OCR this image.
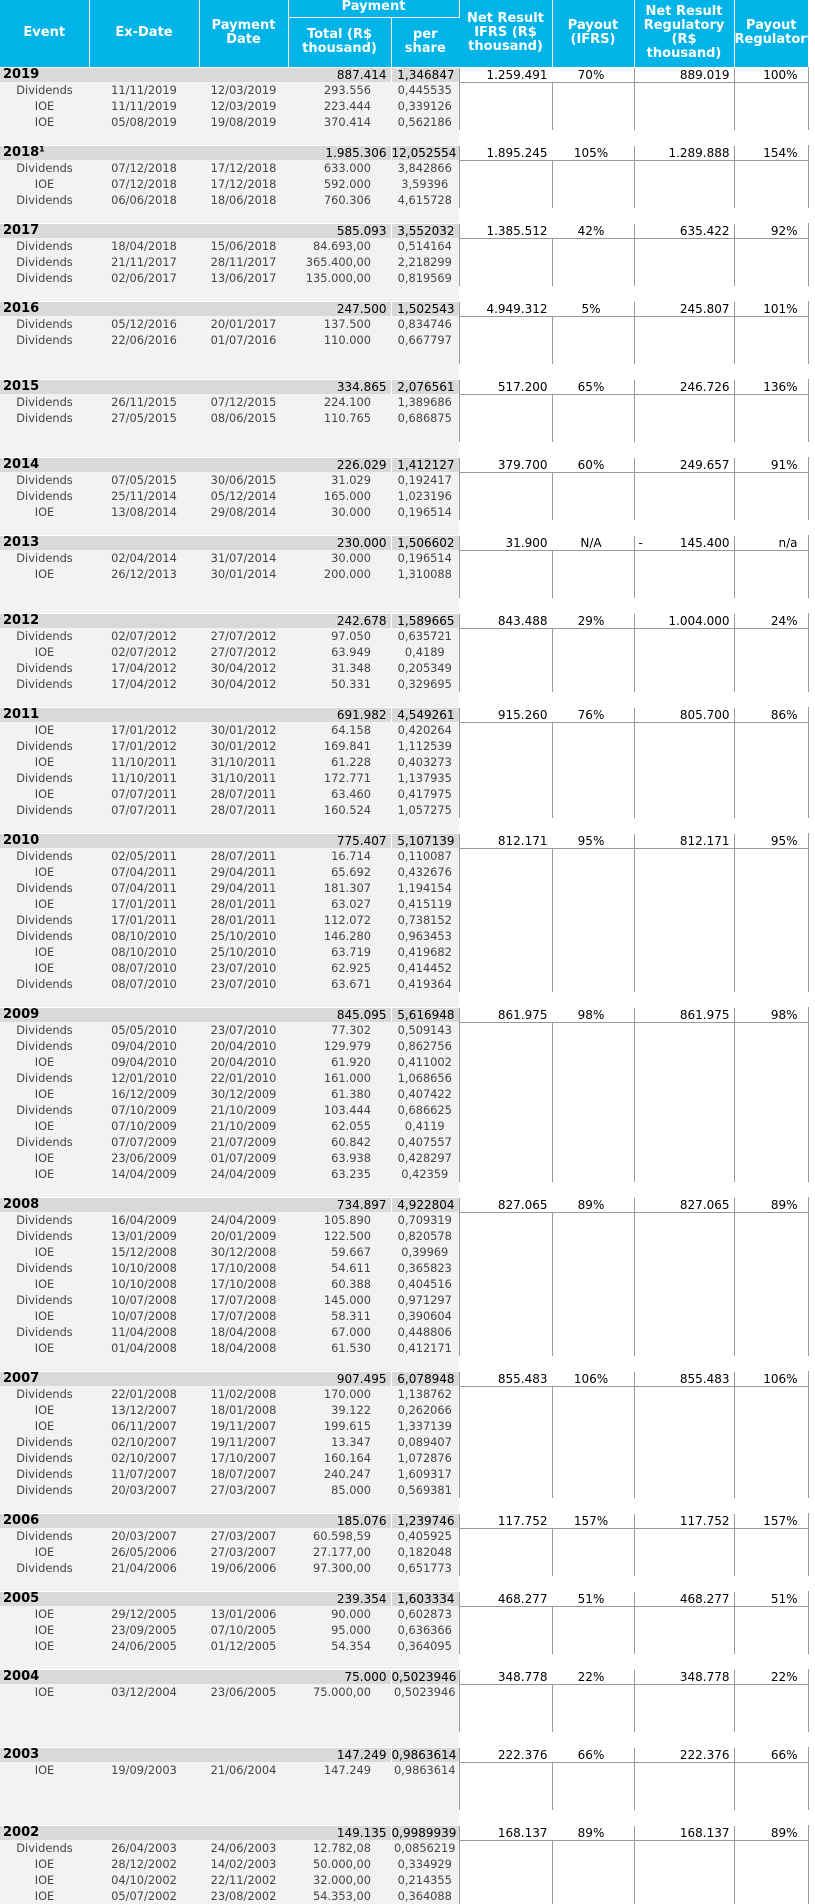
Event	Ex-Date	Payment Date	Payment		Net Result IFRS (R$ thousand)	Payout (IFRS)	Net Result Regulatory (R$ thousand)	Payout Regulatory
			Total (R$ thousand)	per share				
2019			887.414	1,346847	1.259.491	70%	889.019	100%
Dividends	11/11/2019	12/03/2019	293.556	0,445535				
IOE	11/11/2019	12/03/2019	223.444	0,339126				
IOE	05/08/2019	19/08/2019	370.414	0,562186				

2018¹			1.985.306	12,052554	1.895.245	105%	1.289.888	154%
Dividends	07/12/2018	17/12/2018	633.000	3,842866				
IOE	07/12/2018	17/12/2018	592.000	3,59396				
Dividends	06/06/2018	18/06/2018	760.306	4,615728				

2017			585.093	3,552032	1.385.512	42%	635.422	92%
Dividends	18/04/2018	15/06/2018	84.693,00	0,514164				
Dividends	21/11/2017	28/11/2017	365.400,00	2,218299				
Dividends	02/06/2017	13/06/2017	135.000,00	0,819569				

2016			247.500	1,502543	4.949.312	5%	245.807	101%
Dividends	05/12/2016	20/01/2017	137.500	0,834746				
Dividends	22/06/2016	01/07/2016	110.000	0,667797				

2015			334.865	2,076561	517.200	65%	246.726	136%
Dividends	26/11/2015	07/12/2015	224.100	1,389686				
Dividends	27/05/2015	08/06/2015	110.765	0,686875				

2014			226.029	1,412127	379.700	60%	249.657	91%
Dividends	07/05/2015	30/06/2015	31.029	0,192417				
Dividends	25/11/2014	05/12/2014	165.000	1,023196				
IOE	13/08/2014	29/08/2014	30.000	0,196514				

2013			230.000	1,506602	31.900	N/A	- 145.400	n/a
Dividends	02/04/2014	31/07/2014	30.000	0,196514				
IOE	26/12/2013	30/01/2014	200.000	1,310088				

2012			242.678	1,589665	843.488	29%	1.004.000	24%
Dividends	02/07/2012	27/07/2012	97.050	0,635721				
IOE	02/07/2012	27/07/2012	63.949	0,4189				
Dividends	17/04/2012	30/04/2012	31.348	0,205349				
Dividends	17/04/2012	30/04/2012	50.331	0,329695				

2011			691.982	4,549261	915.260	76%	805.700	86%
IOE	17/01/2012	30/01/2012	64.158	0,420264				
Dividends	17/01/2012	30/01/2012	169.841	1,112539				
IOE	11/10/2011	31/10/2011	61.228	0,403273				
Dividends	11/10/2011	31/10/2011	172.771	1,137935				
IOE	07/07/2011	28/07/2011	63.460	0,417975				
Dividends	07/07/2011	28/07/2011	160.524	1,057275				

2010			775.407	5,107139	812.171	95%	812.171	95%
Dividends	02/05/2011	28/07/2011	16.714	0,110087				
IOE	07/04/2011	29/04/2011	65.692	0,432676				
Dividends	07/04/2011	29/04/2011	181.307	1,194154				
IOE	17/01/2011	28/01/2011	63.027	0,415119				
Dividends	17/01/2011	28/01/2011	112.072	0,738152				
Dividends	08/10/2010	25/10/2010	146.280	0,963453				
IOE	08/10/2010	25/10/2010	63.719	0,419682				
IOE	08/07/2010	23/07/2010	62.925	0,414452				
Dividends	08/07/2010	23/07/2010	63.671	0,419364				

2009			845.095	5,616948	861.975	98%	861.975	98%
Dividends	05/05/2010	23/07/2010	77.302	0,509143				
Dividends	09/04/2010	20/04/2010	129.979	0,862756				
IOE	09/04/2010	20/04/2010	61.920	0,411002				
Dividends	12/01/2010	22/01/2010	161.000	1,068656				
IOE	16/12/2009	30/12/2009	61.380	0,407422				
Dividends	07/10/2009	21/10/2009	103.444	0,686625				
IOE	07/10/2009	21/10/2009	62.055	0,4119				
Dividends	07/07/2009	21/07/2009	60.842	0,407557				
IOE	23/06/2009	01/07/2009	63.938	0,428297				
IOE	14/04/2009	24/04/2009	63.235	0,42359				

2008			734.897	4,922804	827.065	89%	827.065	89%
Dividends	16/04/2009	24/04/2009	105.890	0,709319				
Dividends	13/01/2009	20/01/2009	122.500	0,820578				
IOE	15/12/2008	30/12/2008	59.667	0,39969				
Dividends	10/10/2008	17/10/2008	54.611	0,365823				
IOE	10/10/2008	17/10/2008	60.388	0,404516				
Dividends	10/07/2008	17/07/2008	145.000	0,971297				
IOE	10/07/2008	17/07/2008	58.311	0,390604				
Dividends	11/04/2008	18/04/2008	67.000	0,448806				
IOE	01/04/2008	18/04/2008	61.530	0,412171				

2007			907.495	6,078948	855.483	106%	855.483	106%
Dividends	22/01/2008	11/02/2008	170.000	1,138762				
IOE	13/12/2007	18/01/2008	39.122	0,262066				
IOE	06/11/2007	19/11/2007	199.615	1,337139				
Dividends	02/10/2007	19/11/2007	13.347	0,089407				
Dividends	02/10/2007	17/10/2007	160.164	1,072876				
Dividends	11/07/2007	18/07/2007	240.247	1,609317				
Dividends	20/03/2007	27/03/2007	85.000	0,569381				

2006			185.076	1,239746	117.752	157%	117.752	157%
Dividends	20/03/2007	27/03/2007	60.598,59	0,405925				
IOE	26/05/2006	27/03/2007	27.177,00	0,182048				
Dividends	21/04/2006	19/06/2006	97.300,00	0,651773				

2005			239.354	1,603334	468.277	51%	468.277	51%
IOE	29/12/2005	13/01/2006	90.000	0,602873				
IOE	23/09/2005	07/10/2005	95.000	0,636366				
IOE	24/06/2005	01/12/2005	54.354	0,364095				

2004			75.000	0,5023946	348.778	22%	348.778	22%
IOE	03/12/2004	23/06/2005	75.000,00	0,5023946				

2003			147.249	0,9863614	222.376	66%	222.376	66%
IOE	19/09/2003	21/06/2004	147.249	0,9863614				

2002			149.135	0,9989939	168.137	89%	168.137	89%
Dividends	26/04/2003	24/06/2003	12.782,08	0,0856219				
IOE	28/12/2002	14/02/2003	50.000,00	0,334929				
IOE	04/10/2002	22/11/2002	32.000,00	0,214355				
IOE	05/07/2002	23/08/2002	54.353,00	0,364088				
